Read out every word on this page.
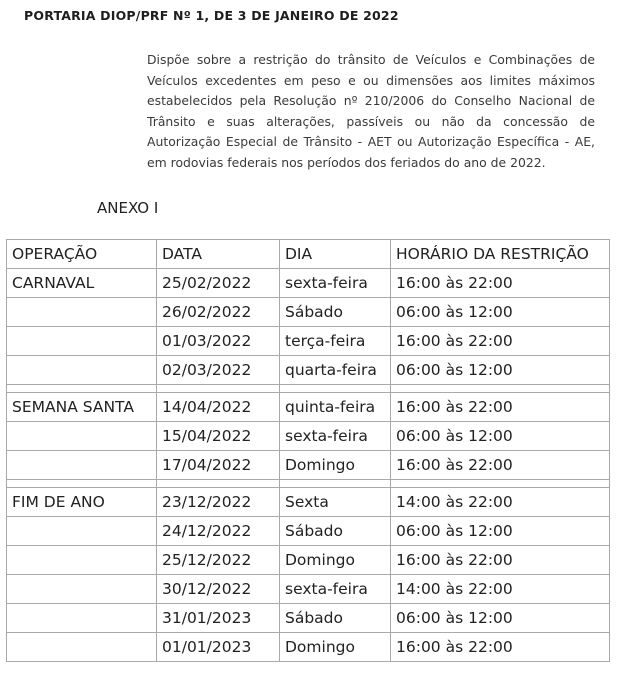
PORTARIA DIOP/PRF Nº 1, DE 3 DE JANEIRO DE 2022
Dispõe sobre a restrição do trânsito de Veículos e Combinações de Veículos excedentes em peso e ou dimensões aos limites máximos estabelecidos pela Resolução nº 210/2006 do Conselho Nacional de Trânsito e suas alterações, passíveis ou não da concessão de Autorização Especial de Trânsito - AET ou Autorização Específica - AE, em rodovias federais nos períodos dos feriados do ano de 2022.
ANEXO I
OPERAÇÃO	DATA	DIA	HORÁRIO DA RESTRIÇÃO
CARNAVAL	25/02/2022	sexta-feira	16:00 às 22:00
	26/02/2022	Sábado	06:00 às 12:00
	01/03/2022	terça-feira	16:00 às 22:00
	02/03/2022	quarta-feira	06:00 às 12:00

SEMANA SANTA	14/04/2022	quinta-feira	16:00 às 22:00
	15/04/2022	sexta-feira	06:00 às 12:00
	17/04/2022	Domingo	16:00 às 22:00

FIM DE ANO	23/12/2022	Sexta	14:00 às 22:00
	24/12/2022	Sábado	06:00 às 12:00
	25/12/2022	Domingo	16:00 às 22:00
	30/12/2022	sexta-feira	14:00 às 22:00
	31/01/2023	Sábado	06:00 às 12:00
	01/01/2023	Domingo	16:00 às 22:00
